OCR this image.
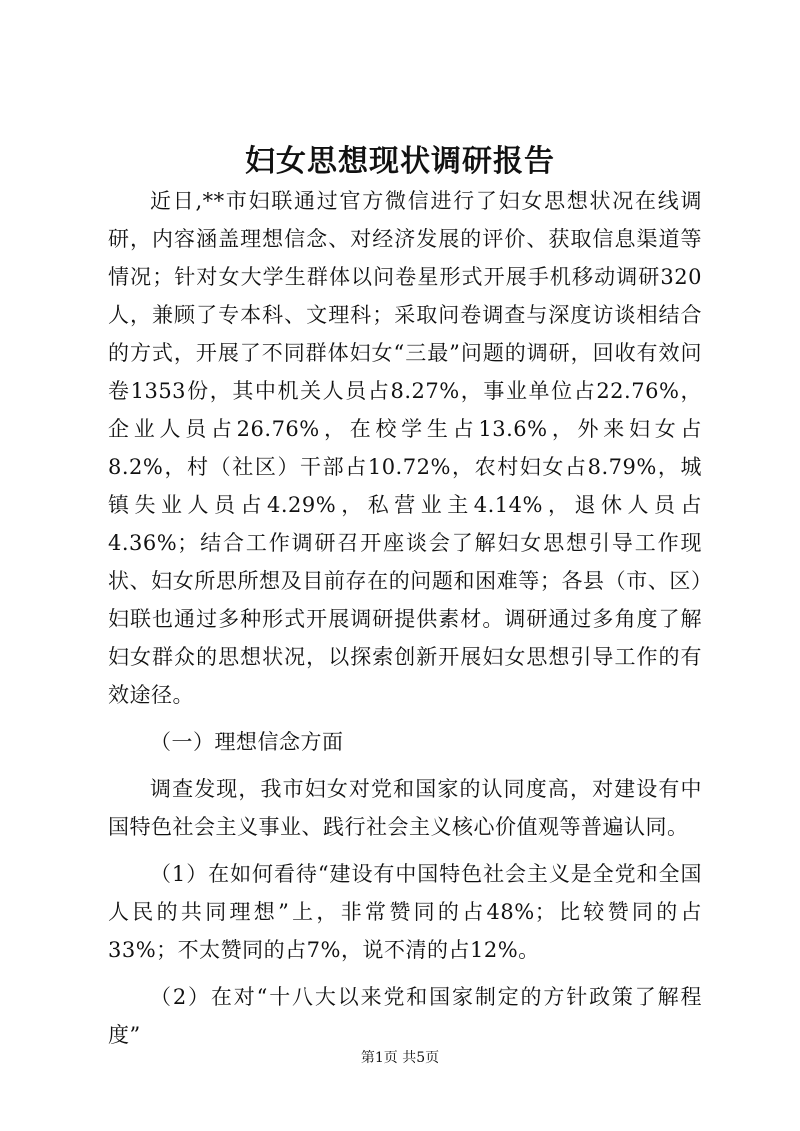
妇女思想现状调研报告

近日,**市妇联通过官方微信进行了妇女思想状况在线调研，内容涵盖理想信念、对经济发展的评价、获取信息渠道等情况；针对女大学生群体以问卷星形式开展手机移动调研320人，兼顾了专本科、文理科；采取问卷调查与深度访谈相结合的方式，开展了不同群体妇女“三最”问题的调研，回收有效问卷1353份，其中机关人员占8.27%，事业单位占22.76%，企业人员占26.76%，在校学生占13.6%，外来妇女占8.2%，村（社区）干部占10.72%，农村妇女占8.79%，城镇失业人员占4.29%，私营业主4.14%，退休人员占4.36%；结合工作调研召开座谈会了解妇女思想引导工作现状、妇女所思所想及目前存在的问题和困难等；各县（市、区）妇联也通过多种形式开展调研提供素材。调研通过多角度了解妇女群众的思想状况，以探索创新开展妇女思想引导工作的有效途径。

（一）理想信念方面

调查发现，我市妇女对党和国家的认同度高，对建设有中国特色社会主义事业、践行社会主义核心价值观等普遍认同。

（1）在如何看待“建设有中国特色社会主义是全党和全国人民的共同理想”上，非常赞同的占48%；比较赞同的占33%；不太赞同的占7%，说不清的占12%。

（2）在对“十八大以来党和国家制定的方针政策了解程度”

第1页 共5页
